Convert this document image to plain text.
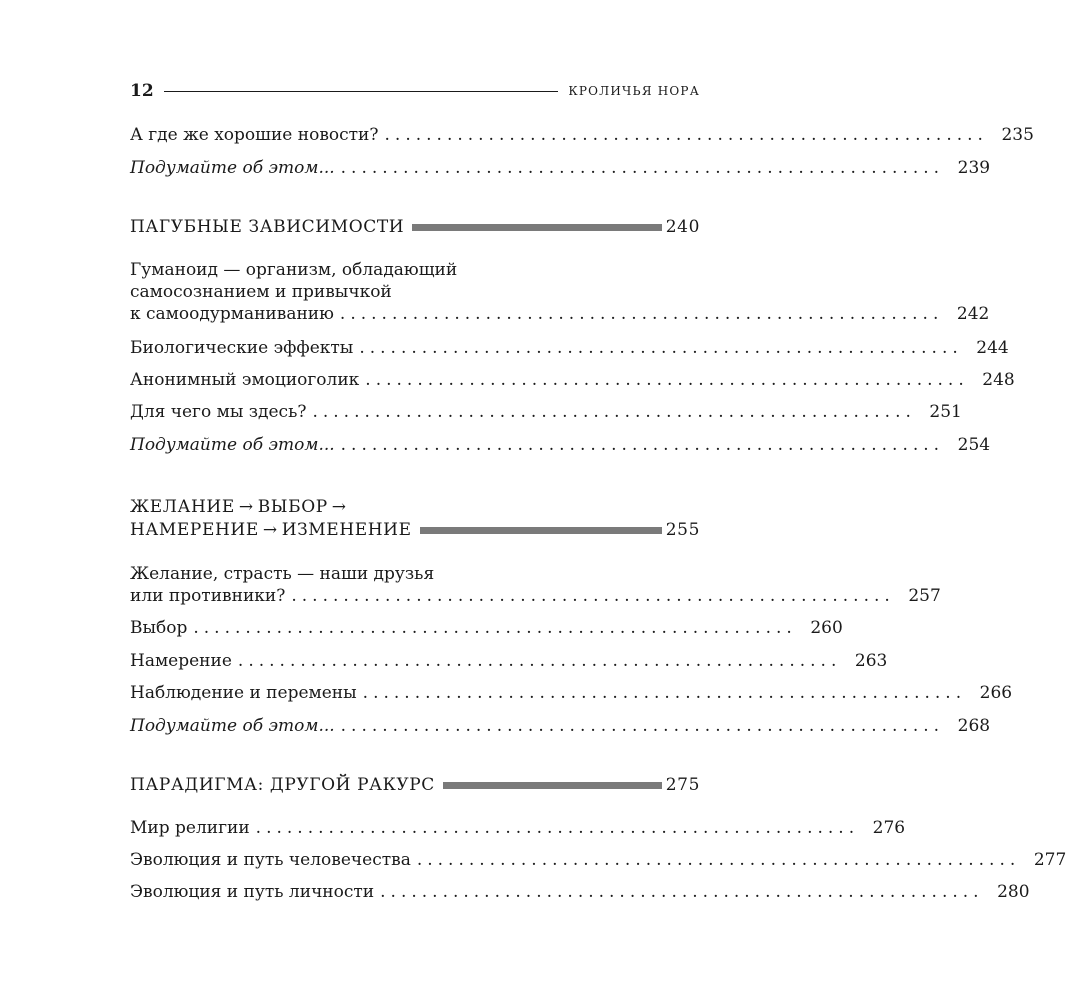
12	КРОЛИЧЬЯ НОРА
А где же хорошие новости? .......................................................... 235
Подумайте об этом... .......................................................... 239
ПАГУБНЫЕ ЗАВИСИМОСТИ	240
Гуманоид — организм, обладающий
самосознанием и привычкой
к самоодурманиванию .......................................................... 242
Биологические эффекты .......................................................... 244
Анонимный эмоциоголик .......................................................... 248
Для чего мы здесь? .......................................................... 251
Подумайте об этом... .......................................................... 254
ЖЕЛАНИЕ → ВЫБОР →
НАМЕРЕНИЕ → ИЗМЕНЕНИЕ	255
Желание, страсть — наши друзья
или противники? .......................................................... 257
Выбор .......................................................... 260
Намерение .......................................................... 263
Наблюдение и перемены .......................................................... 266
Подумайте об этом... .......................................................... 268
ПАРАДИГМА: ДРУГОЙ РАКУРС	275
Мир религии .......................................................... 276
Эволюция и путь человечества .......................................................... 277
Эволюция и путь личности .......................................................... 280
